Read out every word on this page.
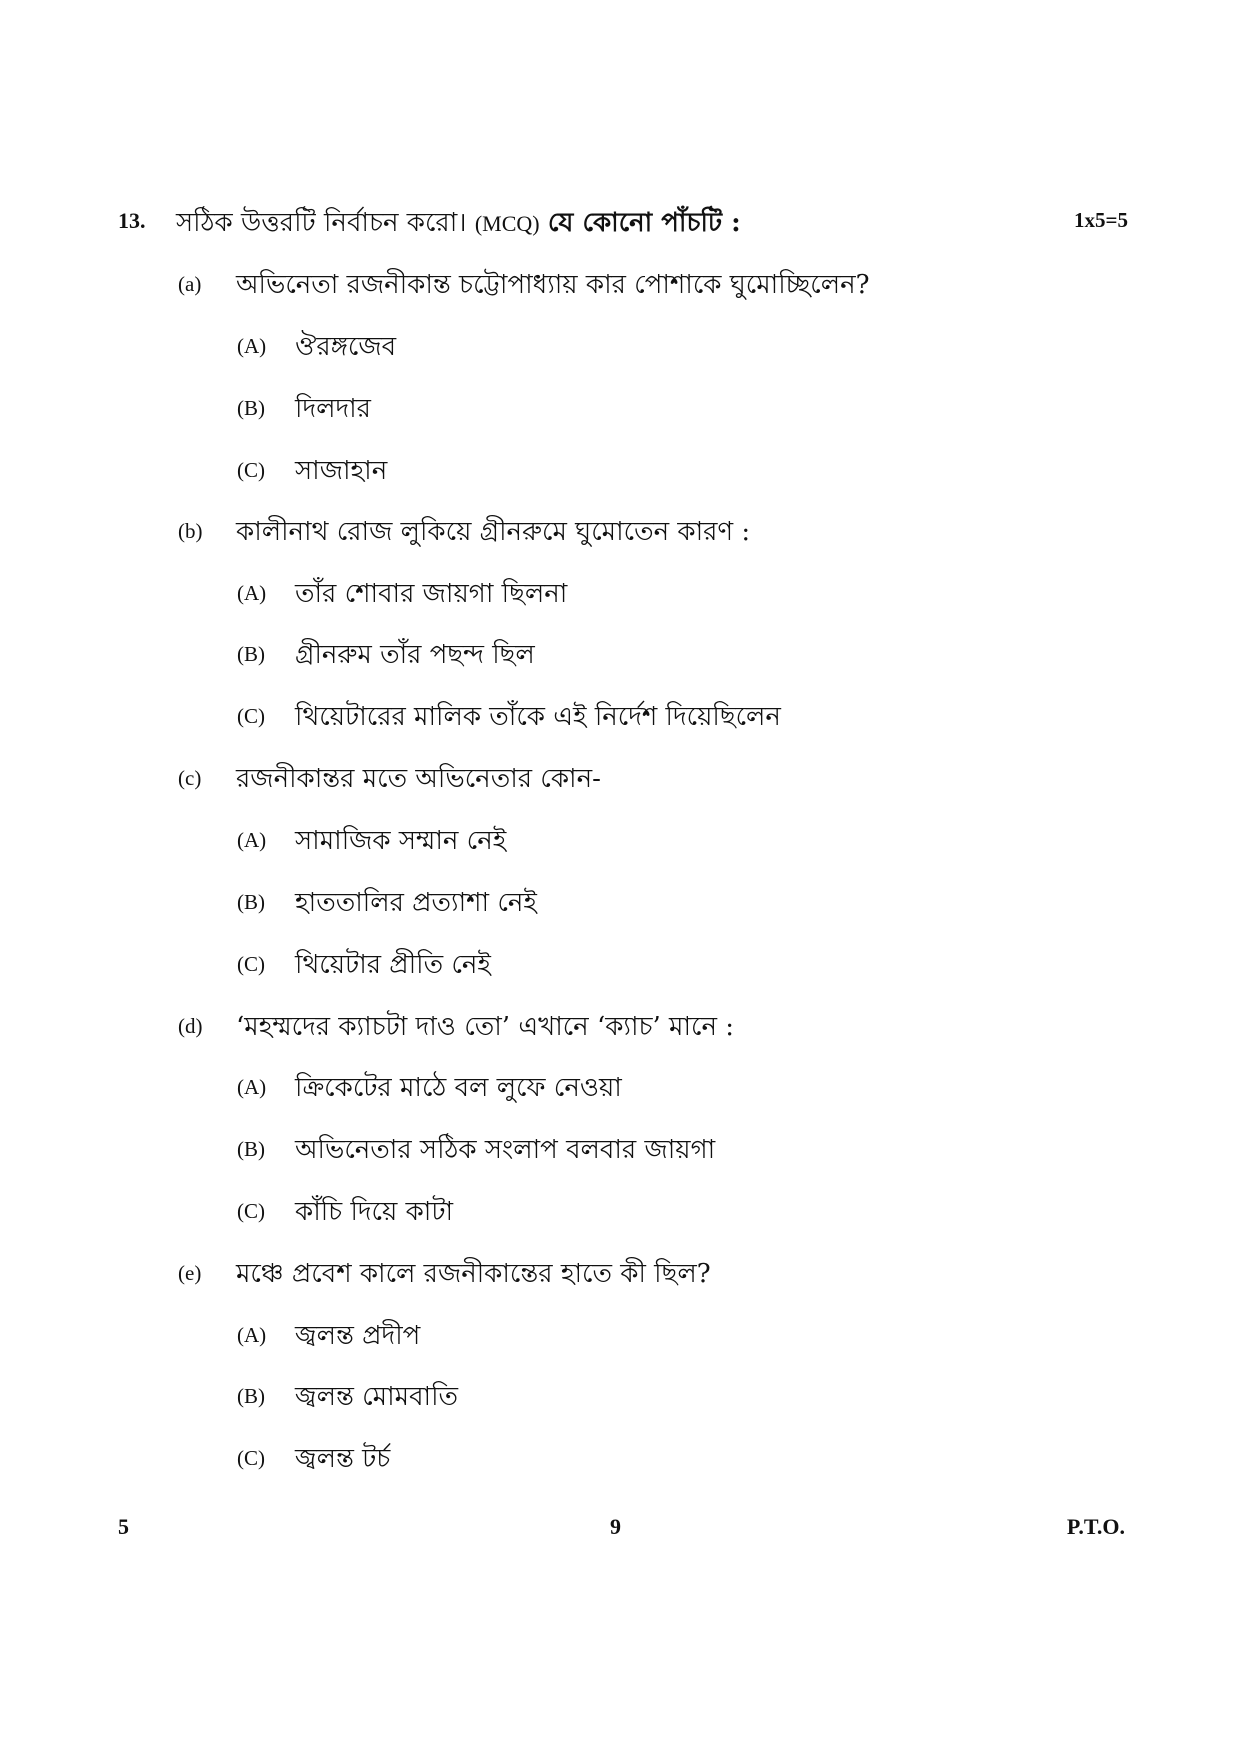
13. সঠিক উত্তরটি নির্বাচন করো। (MCQ) যে কোনো পাঁচটি :	1x5=5
(a) অভিনেতা রজনীকান্ত চট্টোপাধ্যায় কার পোশাকে ঘুমোচ্ছিলেন?
(A) ঔরঙ্গজেব
(B) দিলদার
(C) সাজাহান
(b) কালীনাথ রোজ লুকিয়ে গ্রীনরুমে ঘুমোতেন কারণ :
(A) তাঁর শোবার জায়গা ছিলনা
(B) গ্রীনরুম তাঁর পছন্দ ছিল
(C) থিয়েটারের মালিক তাঁকে এই নির্দেশ দিয়েছিলেন
(c) রজনীকান্তর মতে অভিনেতার কোন-
(A) সামাজিক সম্মান নেই
(B) হাততালির প্রত্যাশা নেই
(C) থিয়েটার প্রীতি নেই
(d) ‘মহম্মদের ক্যাচটা দাও তো’ এখানে ‘ক্যাচ’ মানে :
(A) ক্রিকেটের মাঠে বল লুফে নেওয়া
(B) অভিনেতার সঠিক সংলাপ বলবার জায়গা
(C) কাঁচি দিয়ে কাটা
(e) মঞ্চে প্রবেশ কালে রজনীকান্তের হাতে কী ছিল?
(A) জ্বলন্ত প্রদীপ
(B) জ্বলন্ত মোমবাতি
(C) জ্বলন্ত টর্চ
5	9	P.T.O.
